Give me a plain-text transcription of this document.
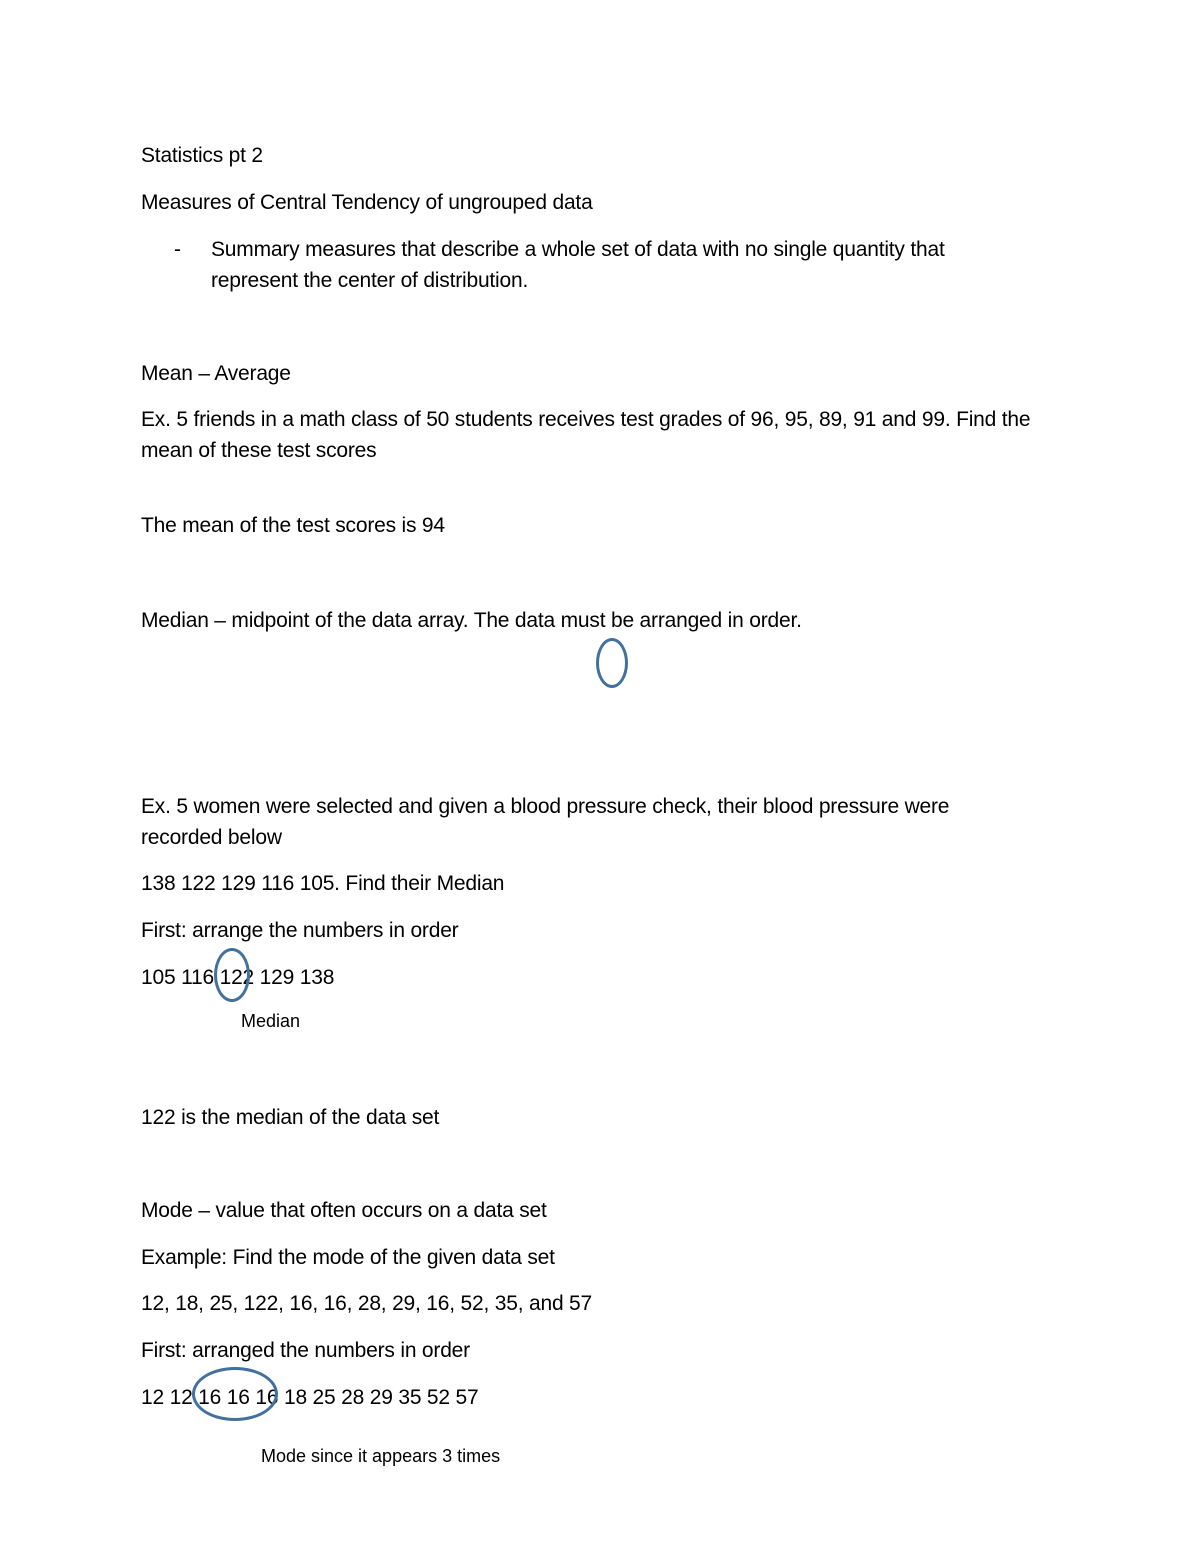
Statistics pt 2
Measures of Central Tendency of ungrouped data
- Summary measures that describe a whole set of data with no single quantity that represent the center of distribution.
Mean – Average
Ex. 5 friends in a math class of 50 students receives test grades of 96, 95, 89, 91 and 99. Find the mean of these test scores
The mean of the test scores is 94
Median – midpoint of the data array. The data must be arranged in order.
Ex. 5 women were selected and given a blood pressure check, their blood pressure were recorded below
138 122 129 116 105. Find their Median
First: arrange the numbers in order
105 116 122 129 138
Median
122 is the median of the data set
Mode – value that often occurs on a data set
Example: Find the mode of the given data set
12, 18, 25, 122, 16, 16, 28, 29, 16, 52, 35, and 57
First: arranged the numbers in order
12 12 16 16 16 18 25 28 29 35 52 57
Mode since it appears 3 times
